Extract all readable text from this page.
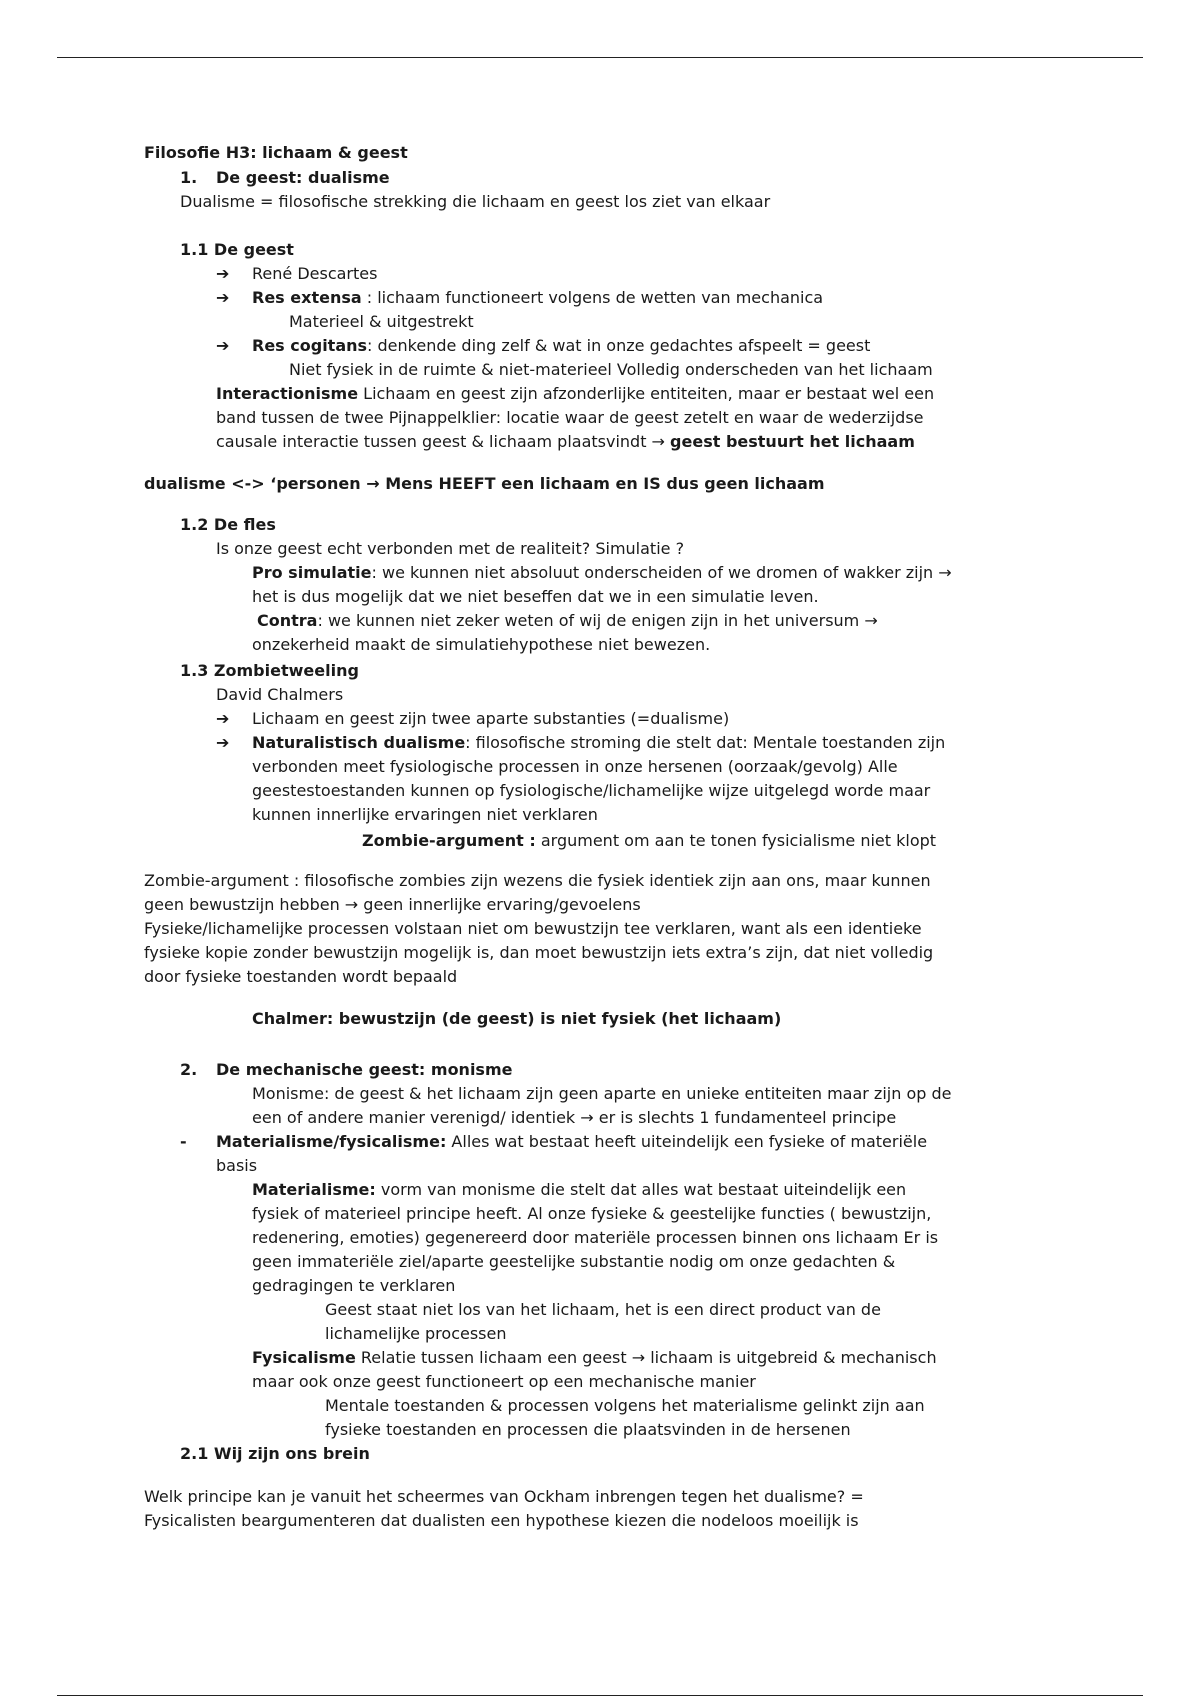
Filosofie H3: lichaam & geest
1. De geest: dualisme
Dualisme = filosofische strekking die lichaam en geest los ziet van elkaar
1.1 De geest
➔ René Descartes
➔ Res extensa : lichaam functioneert volgens de wetten van mechanica
Materieel & uitgestrekt
➔ Res cogitans: denkende ding zelf & wat in onze gedachtes afspeelt = geest
Niet fysiek in de ruimte & niet-materieel Volledig onderscheden van het lichaam
Interactionisme Lichaam en geest zijn afzonderlijke entiteiten, maar er bestaat wel een
band tussen de twee Pijnappelklier: locatie waar de geest zetelt en waar de wederzijdse
causale interactie tussen geest & lichaam plaatsvindt → geest bestuurt het lichaam
dualisme <-> ‘personen → Mens HEEFT een lichaam en IS dus geen lichaam
1.2 De fles
Is onze geest echt verbonden met de realiteit? Simulatie ?
Pro simulatie: we kunnen niet absoluut onderscheiden of we dromen of wakker zijn →
het is dus mogelijk dat we niet beseffen dat we in een simulatie leven.
Contra: we kunnen niet zeker weten of wij de enigen zijn in het universum →
onzekerheid maakt de simulatiehypothese niet bewezen.
1.3 Zombietweeling
David Chalmers
➔ Lichaam en geest zijn twee aparte substanties (=dualisme)
➔ Naturalistisch dualisme: filosofische stroming die stelt dat: Mentale toestanden zijn
verbonden meet fysiologische processen in onze hersenen (oorzaak/gevolg) Alle
geestestoestanden kunnen op fysiologische/lichamelijke wijze uitgelegd worde maar
kunnen innerlijke ervaringen niet verklaren
Zombie-argument : argument om aan te tonen fysicialisme niet klopt
Zombie-argument : filosofische zombies zijn wezens die fysiek identiek zijn aan ons, maar kunnen
geen bewustzijn hebben → geen innerlijke ervaring/gevoelens
Fysieke/lichamelijke processen volstaan niet om bewustzijn tee verklaren, want als een identieke
fysieke kopie zonder bewustzijn mogelijk is, dan moet bewustzijn iets extra’s zijn, dat niet volledig
door fysieke toestanden wordt bepaald
Chalmer: bewustzijn (de geest) is niet fysiek (het lichaam)
2. De mechanische geest: monisme
Monisme: de geest & het lichaam zijn geen aparte en unieke entiteiten maar zijn op de
een of andere manier verenigd/ identiek → er is slechts 1 fundamenteel principe
- Materialisme/fysicalisme: Alles wat bestaat heeft uiteindelijk een fysieke of materiële
basis
Materialisme: vorm van monisme die stelt dat alles wat bestaat uiteindelijk een
fysiek of materieel principe heeft. Al onze fysieke & geestelijke functies ( bewustzijn,
redenering, emoties) gegenereerd door materiële processen binnen ons lichaam Er is
geen immateriële ziel/aparte geestelijke substantie nodig om onze gedachten &
gedragingen te verklaren
Geest staat niet los van het lichaam, het is een direct product van de
lichamelijke processen
Fysicalisme Relatie tussen lichaam een geest → lichaam is uitgebreid & mechanisch
maar ook onze geest functioneert op een mechanische manier
Mentale toestanden & processen volgens het materialisme gelinkt zijn aan
fysieke toestanden en processen die plaatsvinden in de hersenen
2.1 Wij zijn ons brein
Welk principe kan je vanuit het scheermes van Ockham inbrengen tegen het dualisme? =
Fysicalisten beargumenteren dat dualisten een hypothese kiezen die nodeloos moeilijk is
